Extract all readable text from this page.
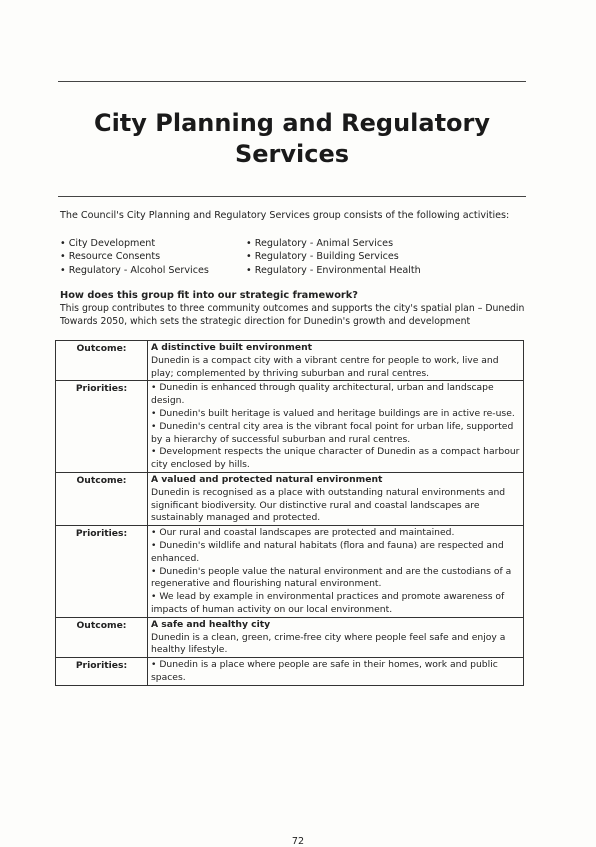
City Planning and Regulatory
Services
The Council's City Planning and Regulatory Services group consists of the following activities:
• City Development
• Resource Consents
• Regulatory - Alcohol Services
• Regulatory - Animal Services
• Regulatory - Building Services
• Regulatory - Environmental Health
How does this group fit into our strategic framework?
This group contributes to three community outcomes and supports the city's spatial plan – Dunedin Towards 2050, which sets the strategic direction for Dunedin's growth and development
Outcome:	A distinctive built environment
Dunedin is a compact city with a vibrant centre for people to work, live and play; complemented by thriving suburban and rural centres.

Priorities:	• Dunedin is enhanced through quality architectural, urban and landscape design.
• Dunedin's built heritage is valued and heritage buildings are in active re-use.
• Dunedin's central city area is the vibrant focal point for urban life, supported by a hierarchy of successful suburban and rural centres.
• Development respects the unique character of Dunedin as a compact harbour city enclosed by hills.

Outcome:	A valued and protected natural environment
Dunedin is recognised as a place with outstanding natural environments and significant biodiversity. Our distinctive rural and coastal landscapes are sustainably managed and protected.

Priorities:	• Our rural and coastal landscapes are protected and maintained.
• Dunedin's wildlife and natural habitats (flora and fauna) are respected and enhanced.
• Dunedin's people value the natural environment and are the custodians of a regenerative and flourishing natural environment.
• We lead by example in environmental practices and promote awareness of impacts of human activity on our local environment.

Outcome:	A safe and healthy city
Dunedin is a clean, green, crime-free city where people feel safe and enjoy a healthy lifestyle.

Priorities:	• Dunedin is a place where people are safe in their homes, work and public spaces.
72
